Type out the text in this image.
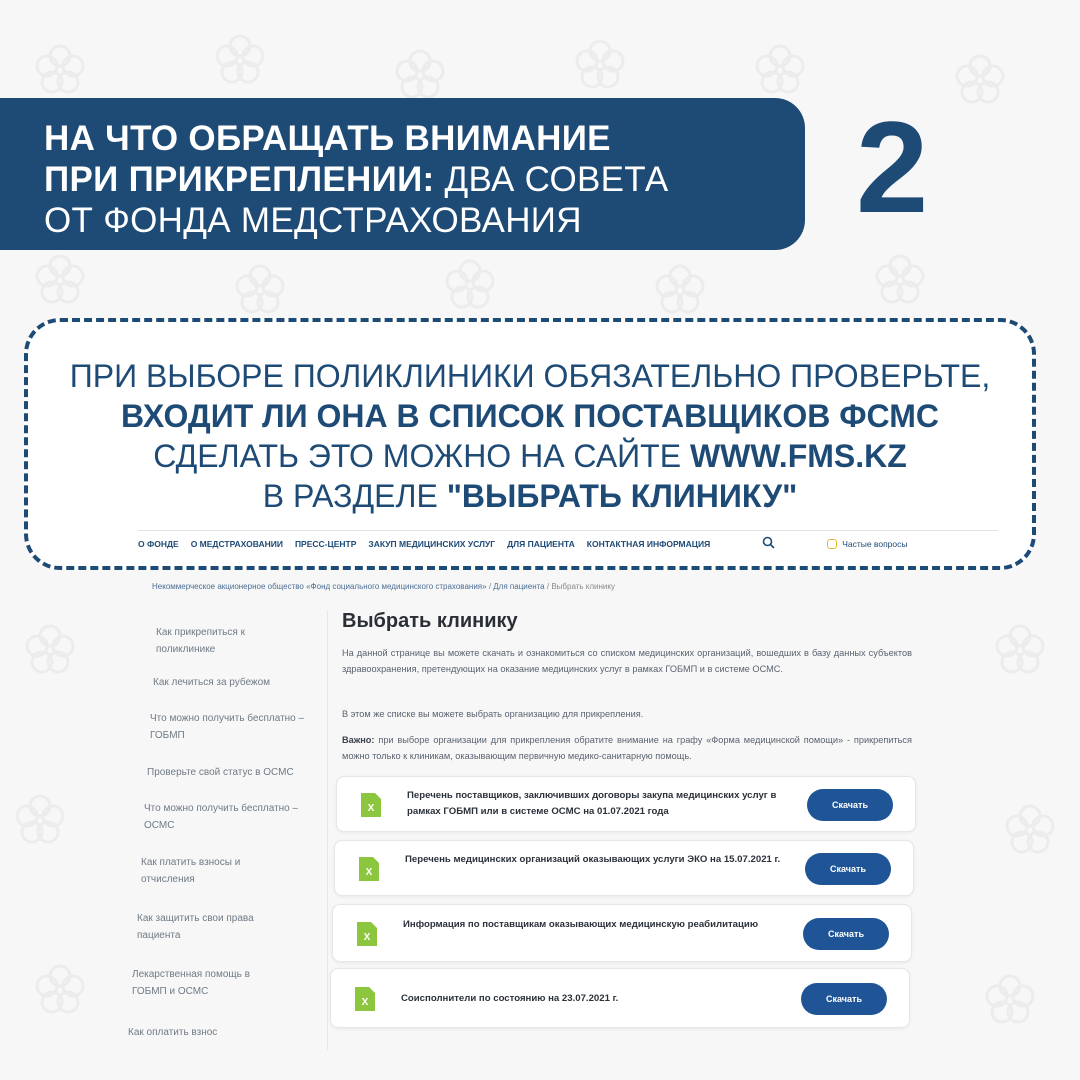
НА ЧТО ОБРАЩАТЬ ВНИМАНИЕ
ПРИ ПРИКРЕПЛЕНИИ: ДВА СОВЕТА
ОТ ФОНДА МЕДСТРАХОВАНИЯ	2
ПРИ ВЫБОРЕ ПОЛИКЛИНИКИ ОБЯЗАТЕЛЬНО ПРОВЕРЬТЕ,
ВХОДИТ ЛИ ОНА В СПИСОК ПОСТАВЩИКОВ ФСМС
СДЕЛАТЬ ЭТО МОЖНО НА САЙТЕ WWW.FMS.KZ
В РАЗДЕЛЕ "ВЫБРАТЬ КЛИНИКУ"
О ФОНДЕ О МЕДСТРАХОВАНИИ ПРЕСС-ЦЕНТР ЗАКУП МЕДИЦИНСКИХ УСЛУГ ДЛЯ ПАЦИЕНТА КОНТАКТНАЯ ИНФОРМАЦИЯ	Частые вопросы
Некоммерческое акционерное общество «Фонд социального медицинского страхования» / Для пациента / Выбрать клинику
Как прикрепиться к поликлинике
Как лечиться за рубежом
Что можно получить бесплатно – ГОБМП
Проверьте свой статус в ОСМС
Что можно получить бесплатно – ОСМС
Как платить взносы и отчисления
Как защитить свои права пациента
Лекарственная помощь в ГОБМП и ОСМС
Как оплатить взнос
Выбрать клинику
На данной странице вы можете скачать и ознакомиться со списком медицинских организаций, вошедших в базу данных субъектов здравоохранения, претендующих на оказание медицинских услуг в рамках ГОБМП и в системе ОСМС.
В этом же списке вы можете выбрать организацию для прикрепления.
Важно: при выборе организации для прикрепления обратите внимание на графу «Форма медицинской помощи» - прикрепиться можно только к клиникам, оказывающим первичную медико-санитарную помощь.
X
Перечень поставщиков, заключивших договоры закупа медицинских услуг в рамках ГОБМП или в системе ОСМС на 01.07.2021 года
Скачать
X
Перечень медицинских организаций оказывающих услуги ЭКО на 15.07.2021 г.
Скачать
X
Информация по поставщикам оказывающих медицинскую реабилитацию
Скачать
X	Соисполнители по состоянию на 23.07.2021 г.	Скачать
